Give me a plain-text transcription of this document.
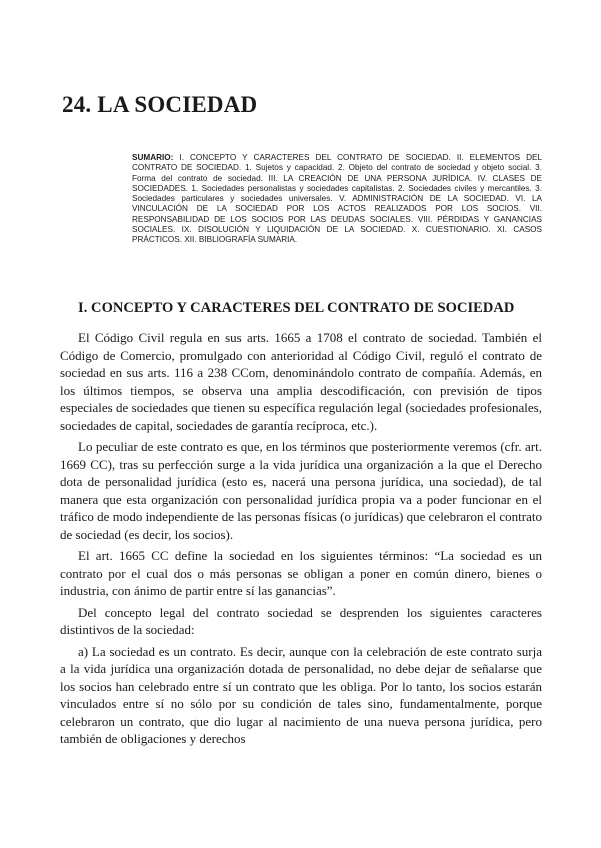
24. LA SOCIEDAD

SUMARIO: I. CONCEPTO Y CARACTERES DEL CONTRATO DE SOCIEDAD. II. ELEMENTOS DEL CONTRATO DE SOCIEDAD. 1. Sujetos y capacidad. 2. Objeto del contrato de sociedad y objeto social. 3. Forma del contrato de sociedad. III. LA CREACIÓN DE UNA PERSONA JURÍDICA. IV. CLASES DE SOCIEDADES. 1. Sociedades personalistas y sociedades capitalistas. 2. Sociedades civiles y mercantiles. 3. Sociedades particulares y sociedades universales. V. ADMINISTRACIÓN DE LA SOCIEDAD. VI. LA VINCULACIÓN DE LA SOCIEDAD POR LOS ACTOS REALIZADOS POR LOS SOCIOS. VII. RESPONSABILIDAD DE LOS SOCIOS POR LAS DEUDAS SOCIALES. VIII. PÉRDIDAS Y GANANCIAS SOCIALES. IX. DISOLUCIÓN Y LIQUIDACIÓN DE LA SOCIEDAD. X. CUESTIONARIO. XI. CASOS PRÁCTICOS. XII. BIBLIOGRAFÍA SUMARIA.

I. CONCEPTO Y CARACTERES DEL CONTRATO DE SOCIEDAD

El Código Civil regula en sus arts. 1665 a 1708 el contrato de sociedad. También el Código de Comercio, promulgado con anterioridad al Código Civil, reguló el contrato de sociedad en sus arts. 116 a 238 CCom, denominándolo contrato de compañía. Además, en los últimos tiempos, se observa una amplia descodificación, con previsión de tipos especiales de sociedades que tienen su específica regulación legal (sociedades profesionales, sociedades de capital, sociedades de garantía recíproca, etc.).

Lo peculiar de este contrato es que, en los términos que posteriormente veremos (cfr. art. 1669 CC), tras su perfección surge a la vida jurídica una organización a la que el Derecho dota de personalidad jurídica (esto es, nacerá una persona jurídica, una sociedad), de tal manera que esta organización con personalidad jurídica propia va a poder funcionar en el tráfico de modo independiente de las personas físicas (o jurídicas) que celebraron el contrato de sociedad (es decir, los socios).

El art. 1665 CC define la sociedad en los siguientes términos: “La sociedad es un contrato por el cual dos o más personas se obligan a poner en común dinero, bienes o industria, con ánimo de partir entre sí las ganancias”.

Del concepto legal del contrato sociedad se desprenden los siguientes caracteres distintivos de la sociedad:

a) La sociedad es un contrato. Es decir, aunque con la celebración de este contrato surja a la vida jurídica una organización dotada de personalidad, no debe dejar de señalarse que los socios han celebrado entre sí un contrato que les obliga. Por lo tanto, los socios estarán vinculados entre sí no sólo por su condición de tales sino, fundamentalmente, porque celebraron un contrato, que dio lugar al nacimiento de una nueva persona jurídica, pero también de obligaciones y derechos
